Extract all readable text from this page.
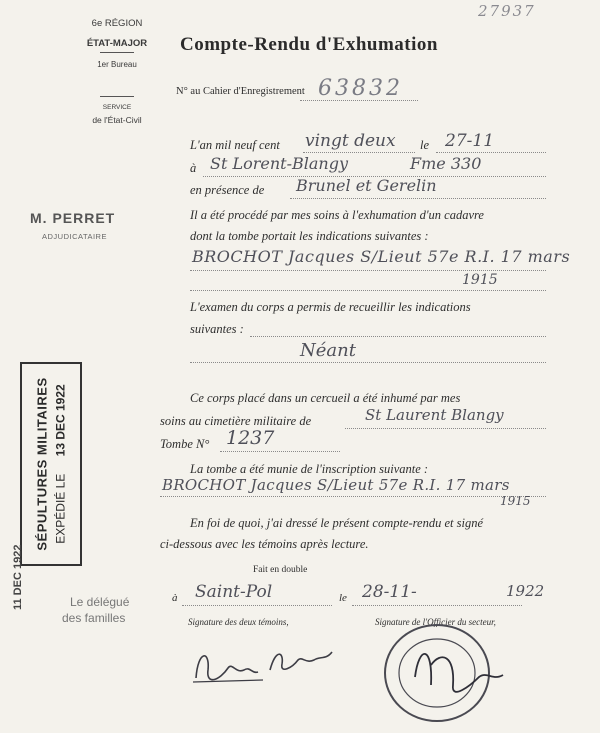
27937
6e RÉGION
ÉTAT-MAJOR
1er Bureau
SERVICE
de l'État-Civil
Compte-Rendu d'Exhumation
N° au Cahier d'Enregistrement 63832
L'an mil neuf cent vingt deux le 27-11
à St Lorent-Blangy	Fme 330
en présence de Brunel et Gerelin
Il a été procédé par mes soins à l'exhumation d'un cadavre
dont la tombe portait les indications suivantes :
BROCHOT Jacques S/Lieut 57e R.I. 17 mars
1915
L'examen du corps a permis de recueillir les indications
suivantes :
Néant
Ce corps placé dans un cercueil a été inhumé par mes
soins au cimetière militaire de	St Laurent Blangy
Tombe N° 1237
La tombe a été munie de l'inscription suivante :
BROCHOT Jacques S/Lieut 57e R.I. 17 mars
1915
En foi de quoi, j'ai dressé le présent compte-rendu et signé
ci-dessous avec les témoins après lecture.
Fait en double
à Saint-Pol	le 28-11-	1922
Signature des deux témoins,	Signature de l'Officier du secteur,
M. PERRET
ADJUDICATAIRE
SÉPULTURES MILITAIRES EXPÉDIÉ LE 13 DEC 1922
11 DEC 1922	Le délégué
des familles
